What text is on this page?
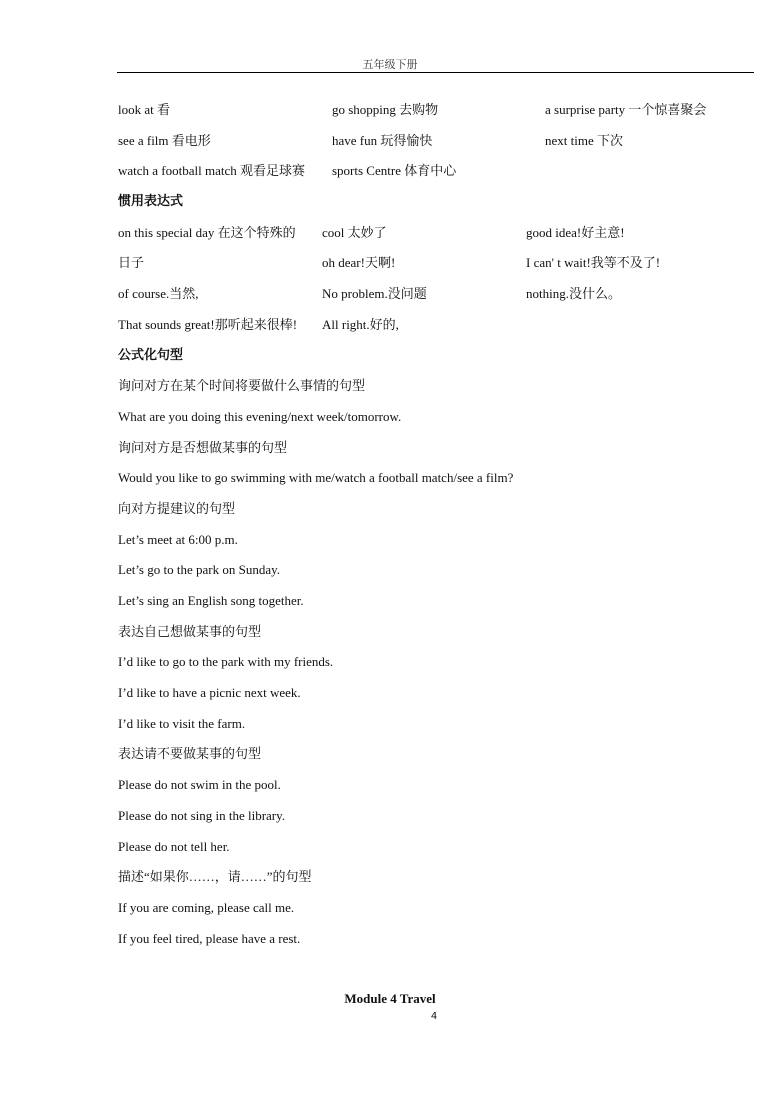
五年级下册
look at 看	go shopping 去购物	a surprise party 一个惊喜聚会
see a film 看电形	have fun 玩得愉快	next time 下次
watch a football match 观看足球赛	sports Centre 体育中心
惯用表达式
on this special day 在这个特殊的	cool 太妙了	good idea!好主意!
日子	oh dear!天啊!	I can' t wait!我等不及了!
of course.当然,	No problem.没问题	nothing.没什么。
That sounds great!那听起来很棒!	All right.好的,
公式化句型
询问对方在某个时间将要做什么事情的句型
What are you doing this evening/next week/tomorrow.
询问对方是否想做某事的句型
Would you like to go swimming with me/watch a football match/see a film?
向对方提建议的句型
Let’s meet at 6:00 p.m.
Let’s go to the park on Sunday.
Let’s sing an English song together.
表达自己想做某事的句型
I’d like to go to the park with my friends.
I’d like to have a picnic next week.
I’d like to visit the farm.
表达请不要做某事的句型
Please do not swim in the pool.
Please do not sing in the library.
Please do not tell her.
描述“如果你……，请……”的句型
If you are coming, please call me.
If you feel tired, please have a rest.
Module 4 Travel
4
